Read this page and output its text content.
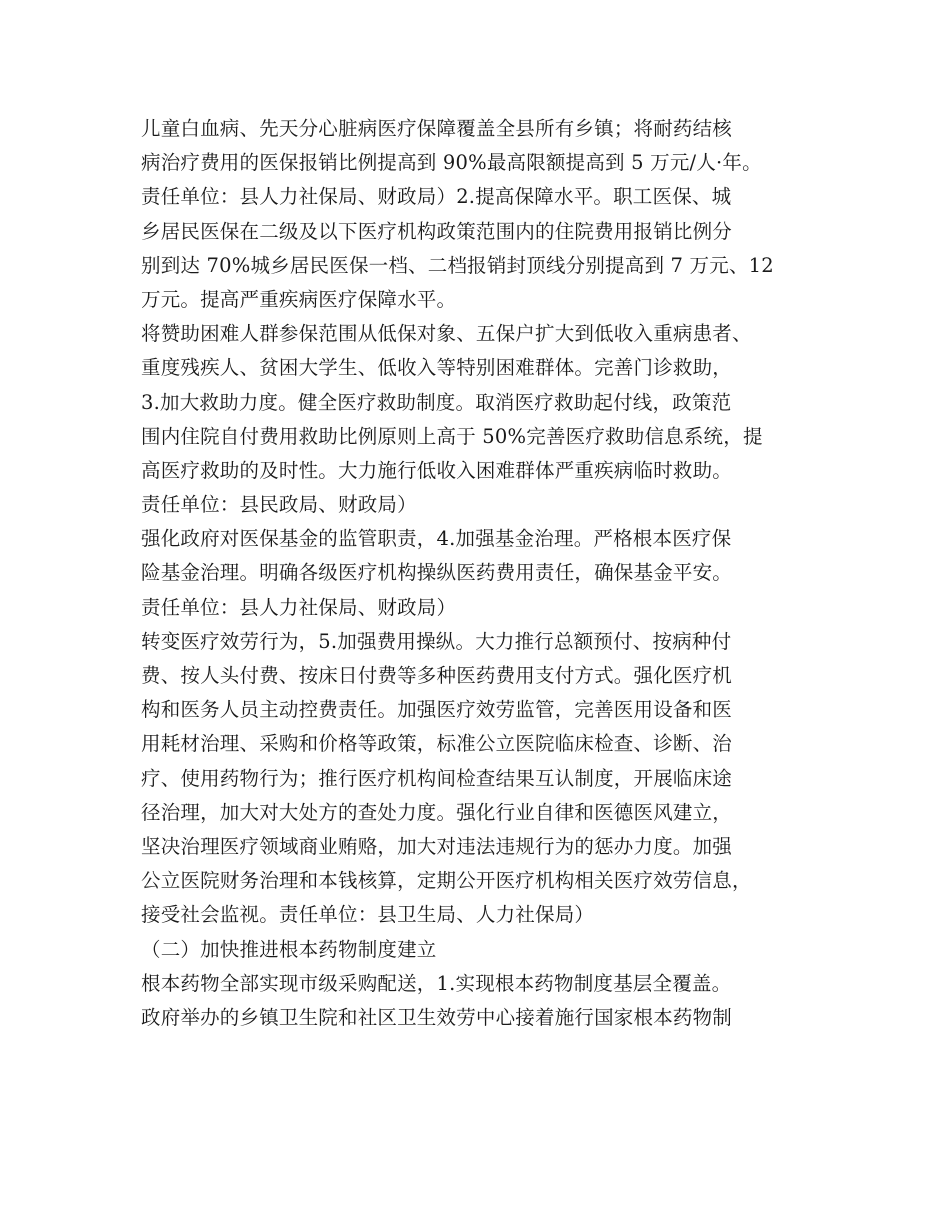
儿童白血病、先天分心脏病医疗保障覆盖全县所有乡镇；将耐药结核
病治疗费用的医保报销比例提高到 90%最高限额提高到 5 万元/人·年。
责任单位：县人力社保局、财政局）2.提高保障水平。职工医保、城
乡居民医保在二级及以下医疗机构政策范围内的住院费用报销比例分
别到达 70%城乡居民医保一档、二档报销封顶线分别提高到 7 万元、12
万元。提高严重疾病医疗保障水平。
将赞助困难人群参保范围从低保对象、五保户扩大到低收入重病患者、
重度残疾人、贫困大学生、低收入等特别困难群体。完善门诊救助，
3.加大救助力度。健全医疗救助制度。取消医疗救助起付线，政策范
围内住院自付费用救助比例原则上高于 50%完善医疗救助信息系统，提
高医疗救助的及时性。大力施行低收入困难群体严重疾病临时救助。
责任单位：县民政局、财政局）
强化政府对医保基金的监管职责，4.加强基金治理。严格根本医疗保
险基金治理。明确各级医疗机构操纵医药费用责任，确保基金平安。
责任单位：县人力社保局、财政局）
转变医疗效劳行为，5.加强费用操纵。大力推行总额预付、按病种付
费、按人头付费、按床日付费等多种医药费用支付方式。强化医疗机
构和医务人员主动控费责任。加强医疗效劳监管，完善医用设备和医
用耗材治理、采购和价格等政策，标准公立医院临床检查、诊断、治
疗、使用药物行为；推行医疗机构间检查结果互认制度，开展临床途
径治理，加大对大处方的查处力度。强化行业自律和医德医风建立，
坚决治理医疗领域商业贿赂，加大对违法违规行为的惩办力度。加强
公立医院财务治理和本钱核算，定期公开医疗机构相关医疗效劳信息，
接受社会监视。责任单位：县卫生局、人力社保局）
（二）加快推进根本药物制度建立
根本药物全部实现市级采购配送，1.实现根本药物制度基层全覆盖。
政府举办的乡镇卫生院和社区卫生效劳中心接着施行国家根本药物制
